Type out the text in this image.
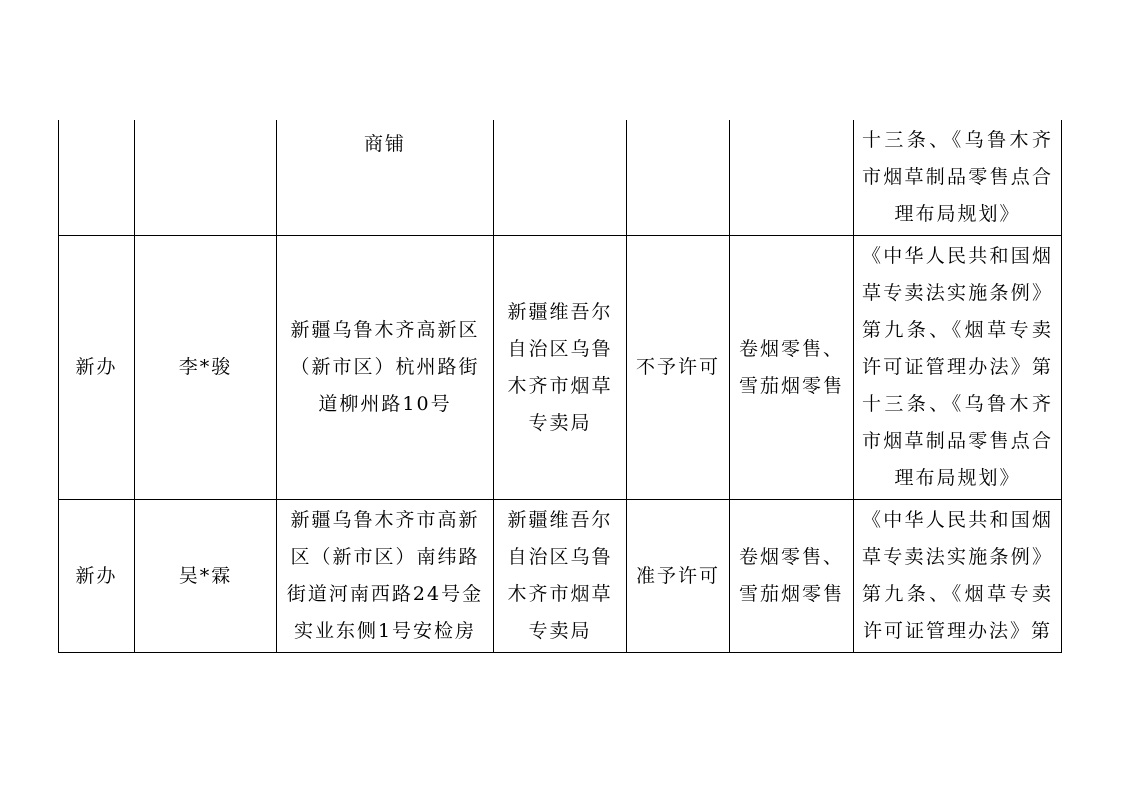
		商铺				十三条、《乌鲁木齐市烟草制品零售点合理布局规划》
新办	李*骏	新疆乌鲁木齐高新区（新市区）杭州路街道柳州路10号	新疆维吾尔自治区乌鲁木齐市烟草专卖局	不予许可	卷烟零售、雪茄烟零售	《中华人民共和国烟草专卖法实施条例》第九条、《烟草专卖许可证管理办法》第十三条、《乌鲁木齐市烟草制品零售点合理布局规划》
新办	吴*霖	新疆乌鲁木齐市高新区（新市区）南纬路街道河南西路24号金实业东侧1号安检房	新疆维吾尔自治区乌鲁木齐市烟草专卖局	准予许可	卷烟零售、雪茄烟零售	《中华人民共和国烟草专卖法实施条例》第九条、《烟草专卖许可证管理办法》第
